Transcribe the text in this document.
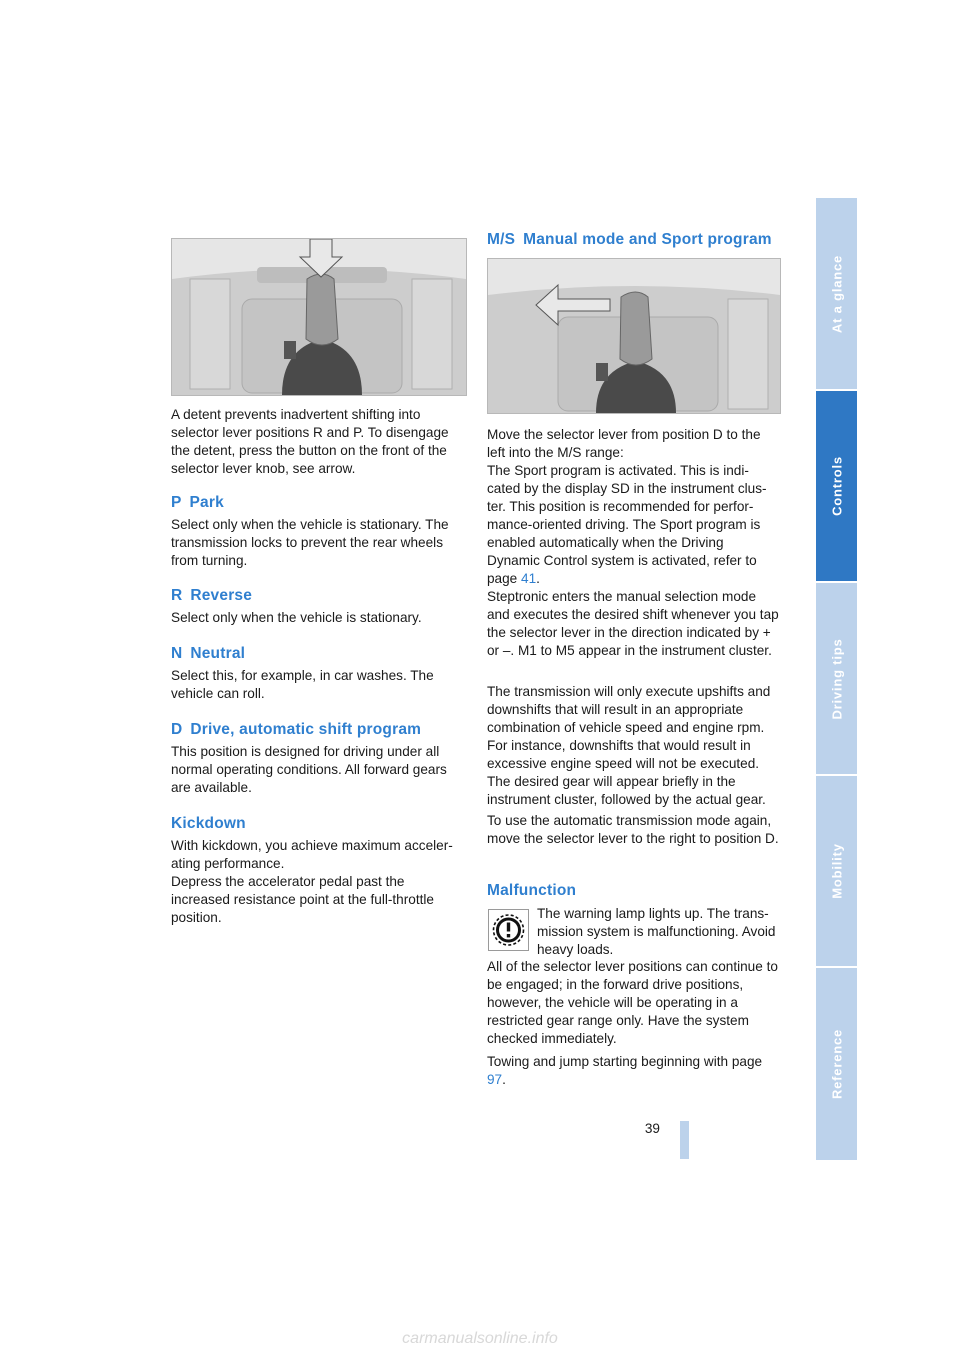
A detent prevents inadvertent shifting into selector lever positions R and P. To disengage the detent, press the button on the front of the selector lever knob, see arrow.

P Park

Select only when the vehicle is stationary. The transmission locks to prevent the rear wheels from turning.

R Reverse

Select only when the vehicle is stationary.

N Neutral

Select this, for example, in car washes. The vehicle can roll.

D Drive, automatic shift program

This position is designed for driving under all normal operating conditions. All forward gears are available.

Kickdown

With kickdown, you achieve maximum acceler-ating performance.

Depress the accelerator pedal past the increased resistance point at the full-throttle position.

M/S Manual mode and Sport program

Move the selector lever from position D to the left into the M/S range:

The Sport program is activated. This is indi-cated by the display SD in the instrument clus-ter. This position is recommended for perfor-mance-oriented driving. The Sport program is enabled automatically when the Driving Dynamic Control system is activated, refer to page 41.

Steptronic enters the manual selection mode and executes the desired shift whenever you tap the selector lever in the direction indicated by + or –. M1 to M5 appear in the instrument cluster.

The transmission will only execute upshifts and downshifts that will result in an appropriate combination of vehicle speed and engine rpm. For instance, downshifts that would result in excessive engine speed will not be executed. The desired gear will appear briefly in the instrument cluster, followed by the actual gear.

To use the automatic transmission mode again, move the selector lever to the right to position D.

Malfunction

The warning lamp lights up. The trans-mission system is malfunctioning. Avoid heavy loads.

All of the selector lever positions can continue to be engaged; in the forward drive positions, however, the vehicle will be operating in a restricted gear range only. Have the system checked immediately.

Towing and jump starting beginning with page 97.

39
At a glance
Controls
Driving tips
Mobility
Reference
carmanualsonline.info
